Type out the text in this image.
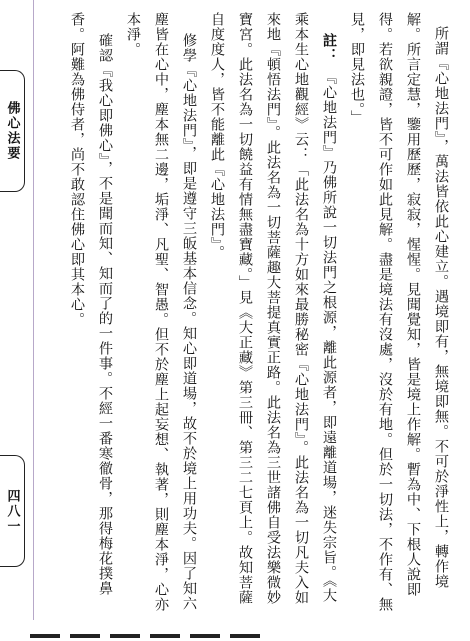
佛心法要
四八一	所謂『心地法門』，萬法皆依此心建立。遇境即有，無境即無。不可於淨性上，轉作境解。所言定慧，鑒用歷歷，寂寂，惺惺。見聞覺知，皆是境上作解。暫為中、下根人說即得。若欲親證，皆不可作如此見解。盡是境法有沒處，沒於有地。但於一切法，不作有、無見，即見法也。」

註：『心地法門』乃佛所說一切法門之根源，離此源者，即遠離道場，迷失宗旨。《大乘本生心地觀經》云：「此法名為十方如來最勝秘密『心地法門』。此法名為一切凡夫入如來地『頓悟法門』。此法名為一切菩薩趣大菩提真實正路。此法名為三世諸佛自受法樂微妙寶宮。此法名為一切饒益有情無盡寶藏。」見《大正藏》第三冊、第三二七頁上。故知菩薩自度度人，皆不能離此『心地法門』。

修學『心地法門』，即是遵守三皈基本信念。知心即道場，故不於境上用功夫。因了知六塵皆在心中，塵本無二邊，垢淨、凡聖、智愚。但不於塵上起妄想、執著，則塵本淨，心亦本淨。

確認『我心即佛心』，不是聞而知、知而了的一件事。不經一番寒徹骨，那得梅花撲鼻香。阿難為佛侍者，尚不敢認住佛心即其本心。
